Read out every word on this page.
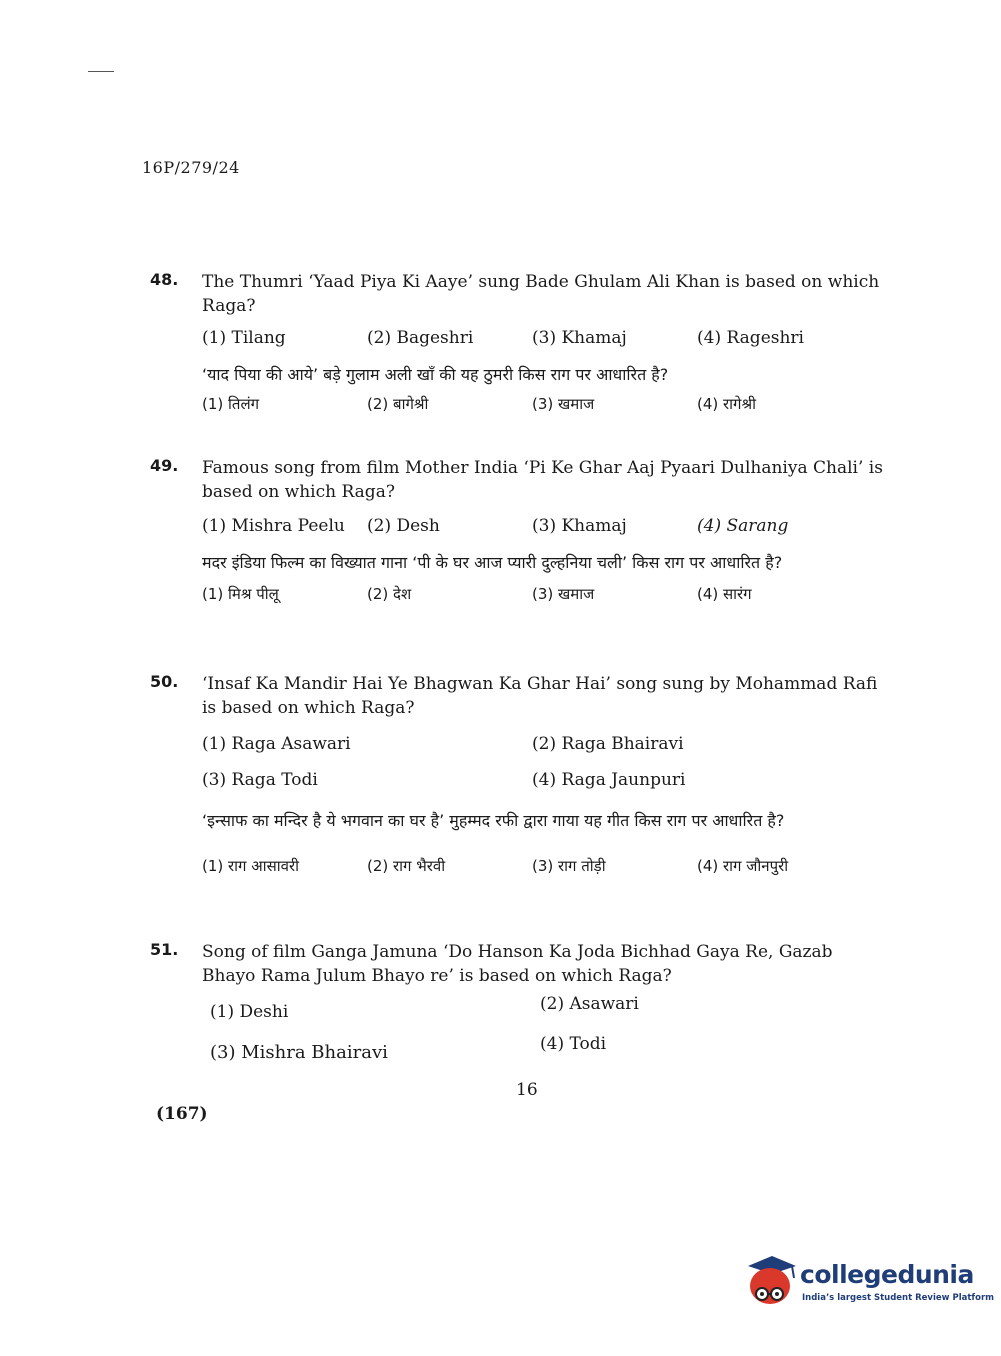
16P/279/24
48. The Thumri ‘Yaad Piya Ki Aaye’ sung Bade Ghulam Ali Khan is based on which Raga?
(1) Tilang	(2) Bageshri	(3) Khamaj	(4) Rageshri
‘याद पिया की आये’ बड़े गुलाम अली खाँ की यह ठुमरी किस राग पर आधारित है?
(1) तिलंग	(2) बागेश्री	(3) खमाज	(4) रागेश्री
49. Famous song from film Mother India ‘Pi Ke Ghar Aaj Pyaari Dulhaniya Chali’ is based on which Raga?
(1) Mishra Peelu (2) Desh	(3) Khamaj	(4) Sarang
मदर इंडिया फिल्म का विख्यात गाना ‘पी के घर आज प्यारी दुल्हनिया चली’ किस राग पर आधारित है?
(1) मिश्र पीलू	(2) देश	(3) खमाज	(4) सारंग
50. ‘Insaf Ka Mandir Hai Ye Bhagwan Ka Ghar Hai’ song sung by Mohammad Rafi is based on which Raga?
(1) Raga Asawari	(2) Raga Bhairavi
(3) Raga Todi	(4) Raga Jaunpuri
‘इन्साफ का मन्दिर है ये भगवान का घर है’ मुहम्मद रफी द्वारा गाया यह गीत किस राग पर आधारित है?
(1) राग आसावरी	(2) राग भैरवी	(3) राग तोड़ी	(4) राग जौनपुरी
51. Song of film Ganga Jamuna ‘Do Hanson Ka Joda Bichhad Gaya Re, Gazab Bhayo Rama Julum Bhayo re’ is based on which Raga?
(1) Deshi	(2) Asawari
(3) Mishra Bhairavi	(4) Todi
16
(167)
collegedunia
India’s largest Student Review Platform
